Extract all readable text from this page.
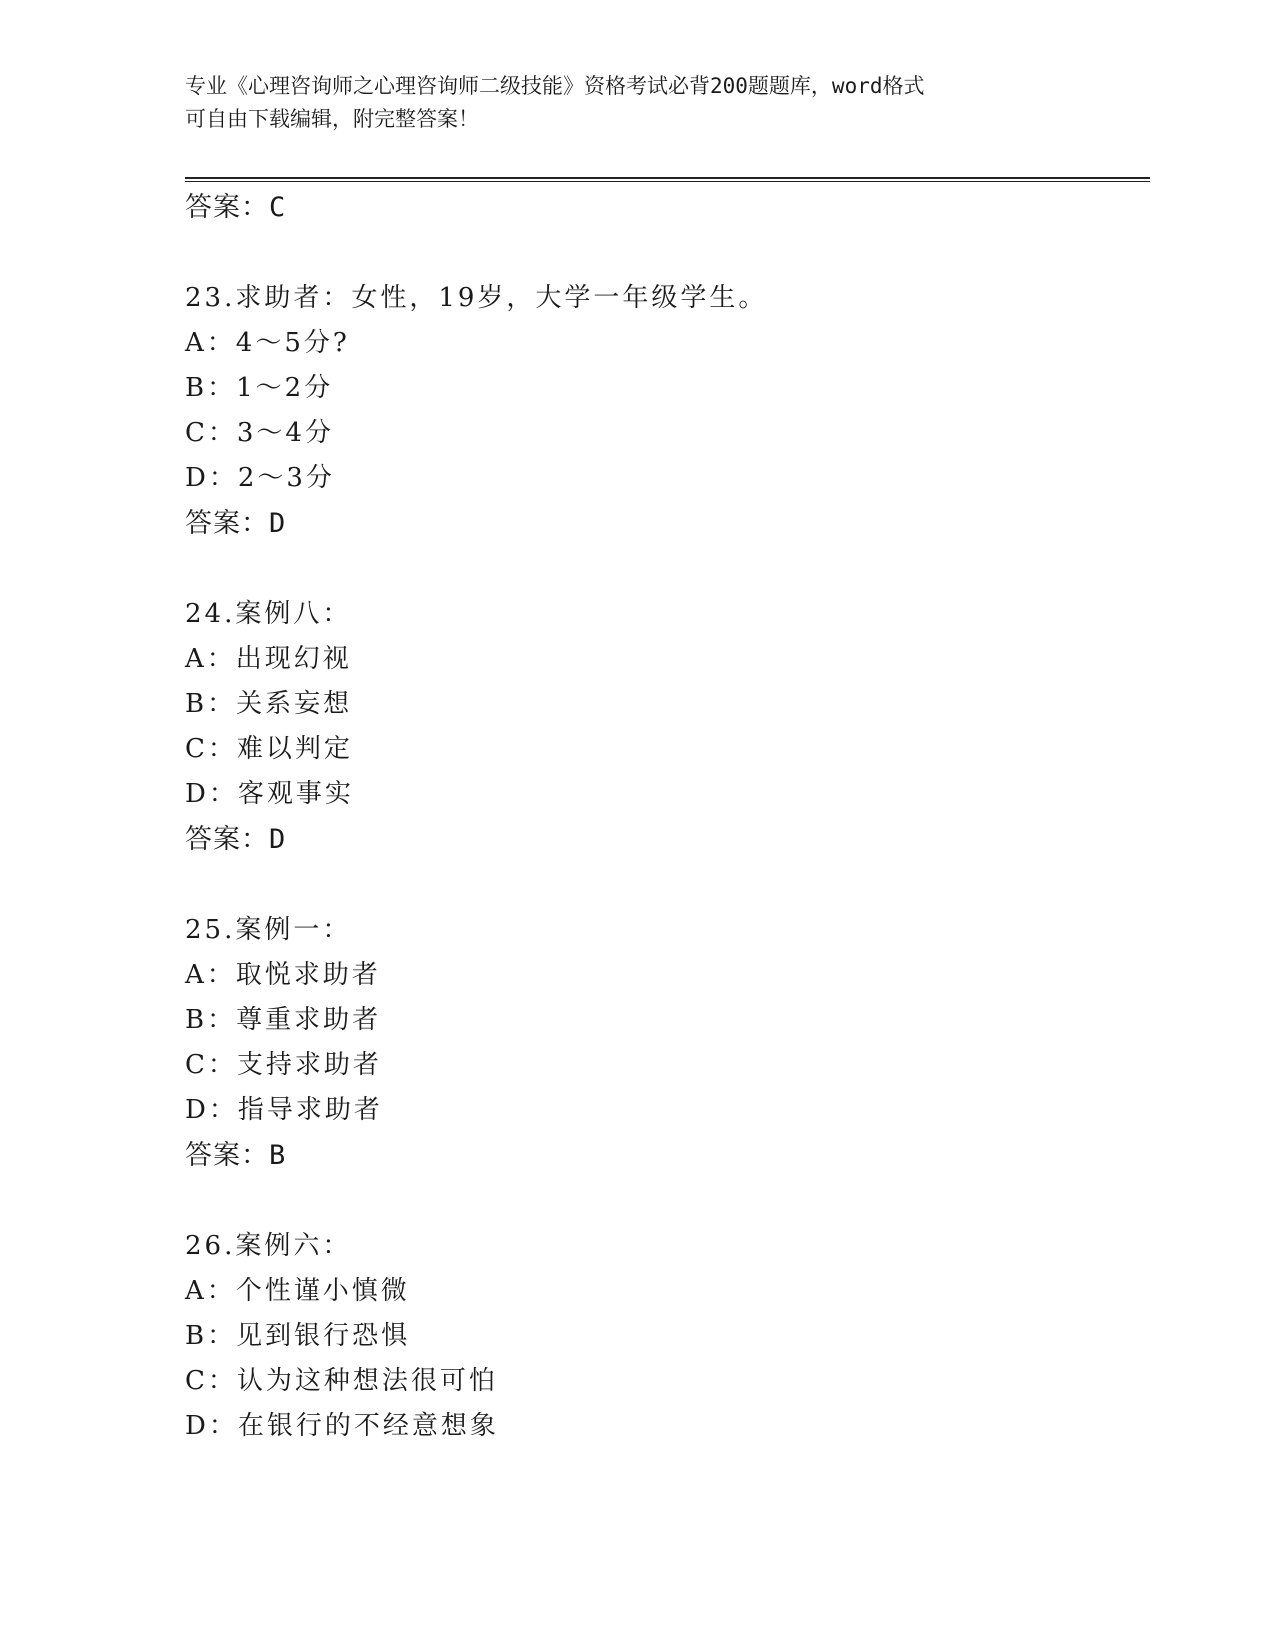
专业《心理咨询师之心理咨询师二级技能》资格考试必背200题题库，word格式
可自由下载编辑，附完整答案！
答案：C
23.求助者：女性，19岁，大学一年级学生。
A：4～5分?
B：1～2分
C：3～4分
D：2～3分
答案：D
24.案例八：
A：出现幻视
B：关系妄想
C：难以判定
D：客观事实
答案：D
25.案例一：
A：取悦求助者
B：尊重求助者
C：支持求助者
D：指导求助者
答案：B
26.案例六：
A：个性谨小慎微
B：见到银行恐惧
C：认为这种想法很可怕
D：在银行的不经意想象
